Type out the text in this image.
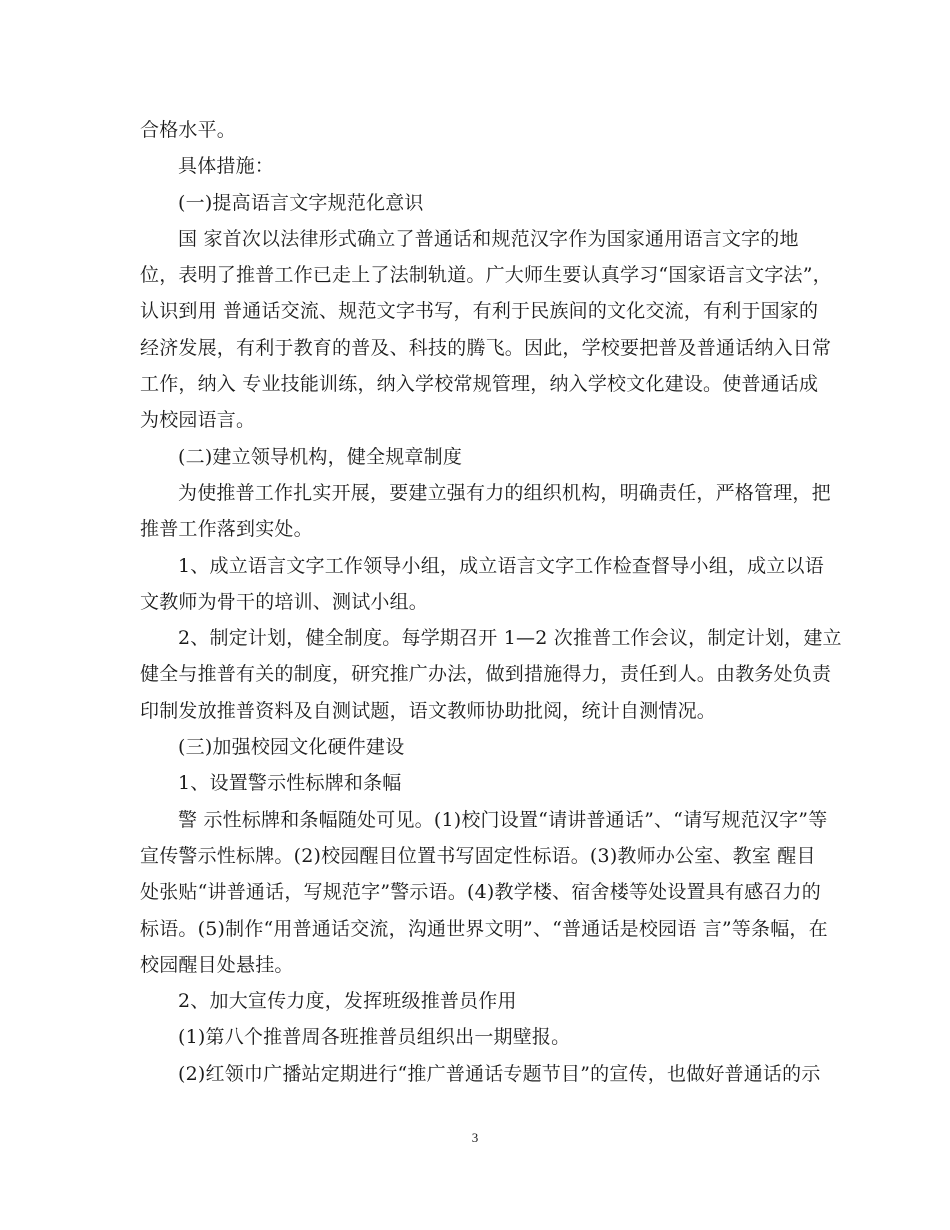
合格水平。
具体措施：
(一)提高语言文字规范化意识
国 家首次以法律形式确立了普通话和规范汉字作为国家通用语言文字的地
位，表明了推普工作已走上了法制轨道。广大师生要认真学习“国家语言文字法”，
认识到用 普通话交流、规范文字书写，有利于民族间的文化交流，有利于国家的
经济发展，有利于教育的普及、科技的腾飞。因此，学校要把普及普通话纳入日常
工作，纳入 专业技能训练，纳入学校常规管理，纳入学校文化建设。使普通话成
为校园语言。
(二)建立领导机构，健全规章制度
为使推普工作扎实开展，要建立强有力的组织机构，明确责任，严格管理，把
推普工作落到实处。
1、成立语言文字工作领导小组，成立语言文字工作检查督导小组，成立以语
文教师为骨干的培训、测试小组。
2、制定计划，健全制度。每学期召开 1—2 次推普工作会议，制定计划，建立
健全与推普有关的制度，研究推广办法，做到措施得力，责任到人。由教务处负责
印制发放推普资料及自测试题，语文教师协助批阅，统计自测情况。
(三)加强校园文化硬件建设
1、设置警示性标牌和条幅
警 示性标牌和条幅随处可见。(1)校门设置“请讲普通话”、“请写规范汉字”等
宣传警示性标牌。(2)校园醒目位置书写固定性标语。(3)教师办公室、教室 醒目
处张贴“讲普通话，写规范字”警示语。(4)教学楼、宿舍楼等处设置具有感召力的
标语。(5)制作“用普通话交流，沟通世界文明”、“普通话是校园语 言”等条幅，在
校园醒目处悬挂。
2、加大宣传力度，发挥班级推普员作用
(1)第八个推普周各班推普员组织出一期壁报。
(2)红领巾广播站定期进行“推广普通话专题节目”的宣传，也做好普通话的示
3
